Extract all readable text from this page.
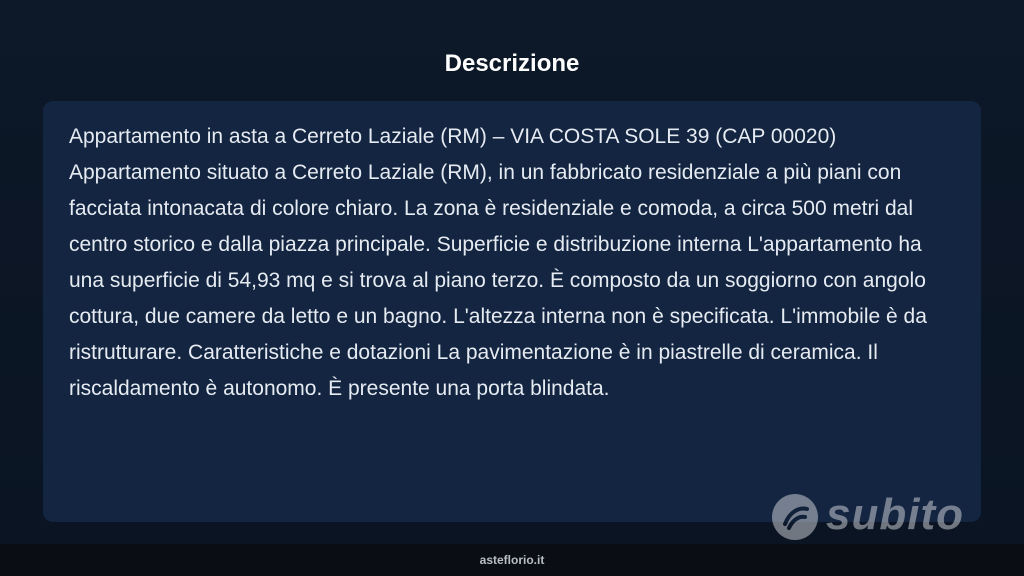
Descrizione

Appartamento in asta a Cerreto Laziale (RM) – VIA COSTA SOLE 39 (CAP 00020) Appartamento situato a Cerreto Laziale (RM), in un fabbricato residenziale a più piani con facciata intonacata di colore chiaro. La zona è residenziale e comoda, a circa 500 metri dal centro storico e dalla piazza principale. Superficie e distribuzione interna L'appartamento ha una superficie di 54,93 mq e si trova al piano terzo. È composto da un soggiorno con angolo cottura, due camere da letto e un bagno. L'altezza interna non è specificata. L'immobile è da ristrutturare. Caratteristiche e dotazioni La pavimentazione è in piastrelle di ceramica. Il riscaldamento è autonomo. È presente una porta blindata.

subito
asteflorio.it
